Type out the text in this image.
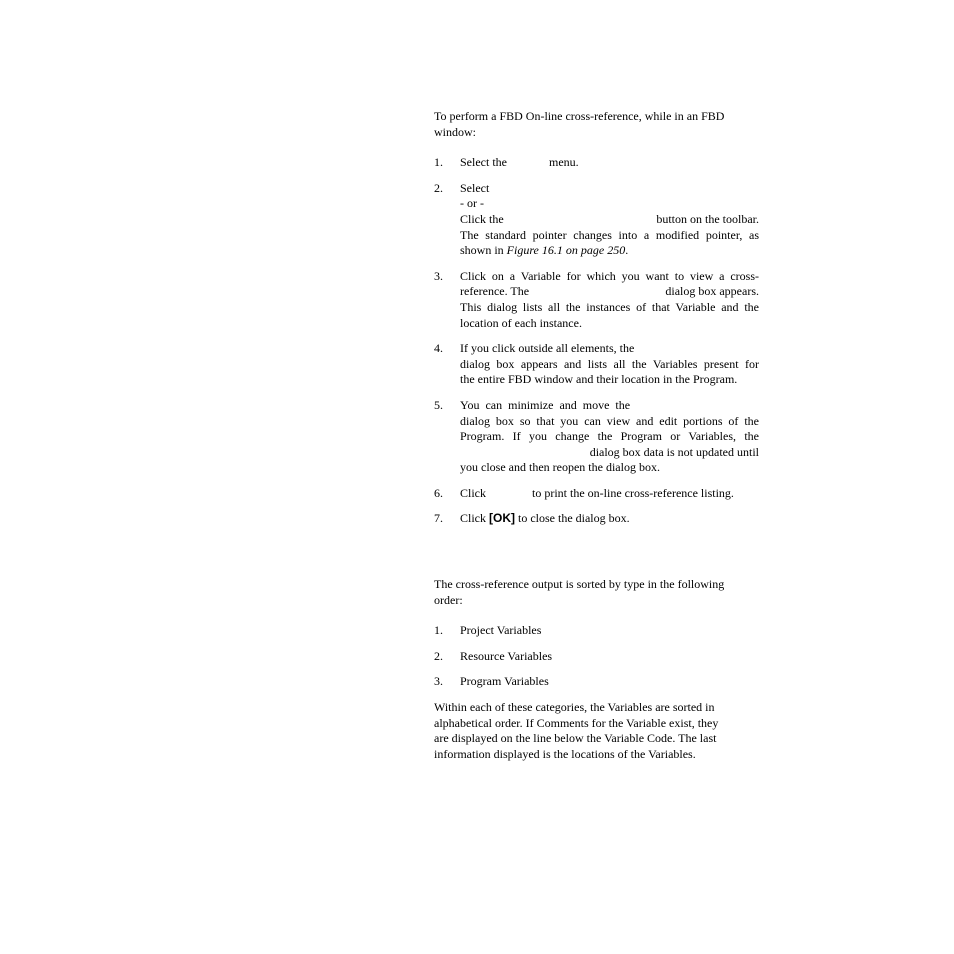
To perform a FBD On-line cross-reference, while in an FBD
window:

1. Select the	menu.
2. Select
- or -
Click the	button on the toolbar.
The standard pointer changes into a modified pointer, as
shown in Figure 16.1 on page 250.
3. Click on a Variable for which you want to view a cross-
reference. The	dialog box appears.
This dialog lists all the instances of that Variable and the
location of each instance.
4. If you click outside all elements, the
dialog box appears and lists all the Variables present for
the entire FBD window and their location in the Program.
5. You  can  minimize  and  move  the
dialog box so that you can view and edit portions of the
Program.  If  you  change  the  Program  or  Variables,  the
dialog box data is not updated until
you close and then reopen the dialog box.
6. Click	to print the on-line cross-reference listing.
7. Click [OK] to close the dialog box.

The cross-reference output is sorted by type in the following
order:

1. Project Variables
2. Resource Variables
3. Program Variables

Within each of these categories, the Variables are sorted in
alphabetical order. If Comments for the Variable exist, they
are displayed on the line below the Variable Code. The last
information displayed is the locations of the Variables.
